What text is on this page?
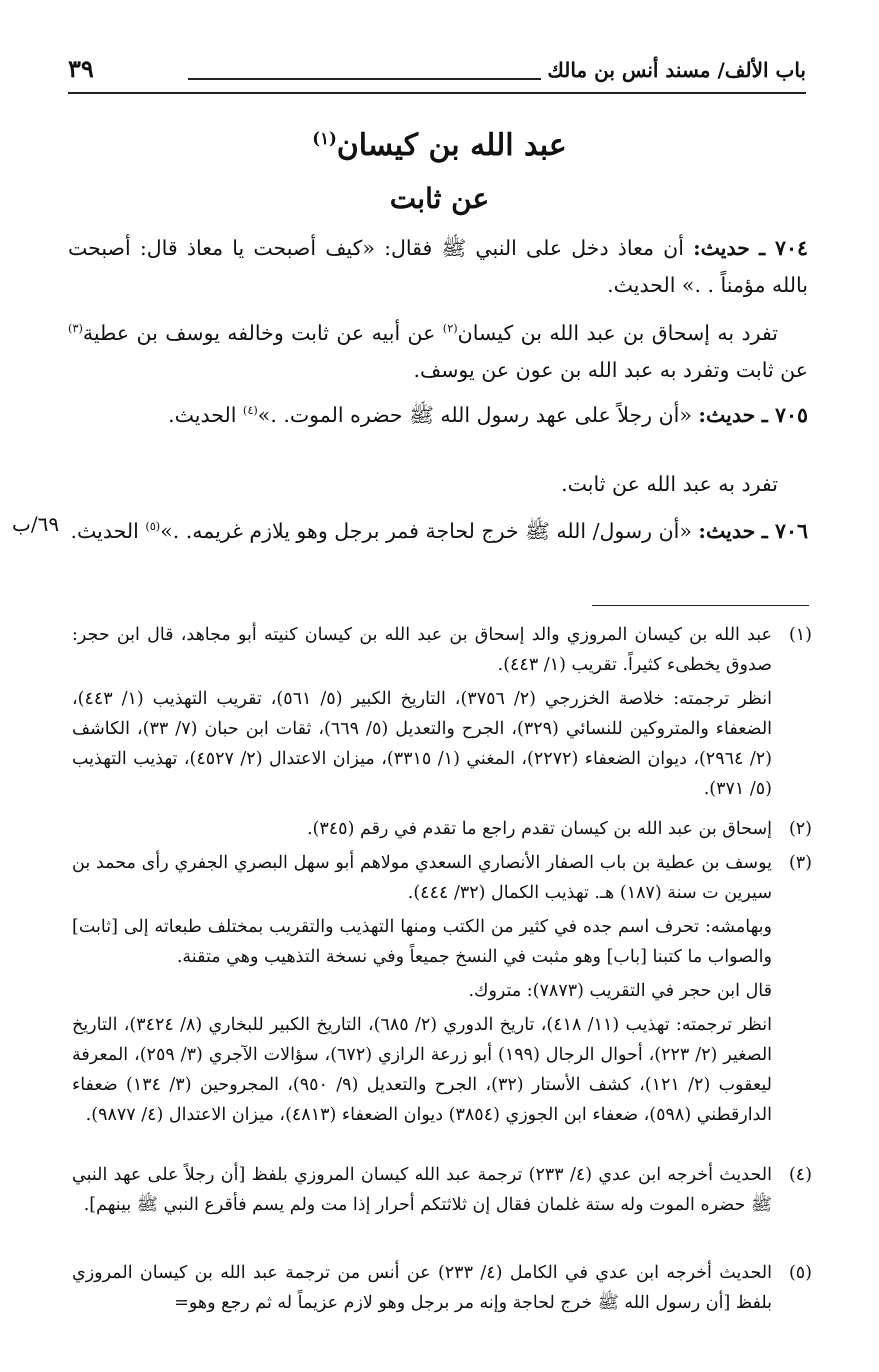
باب الألف/ مسند أنس بن مالك
٣٩
عبد الله بن كيسان$^{(١)}$
عن ثابت

٧٠٤ ـ حديث: أن معاذ دخل على النبي ﷺ فقال: «كيف أصبحت يا معاذ قال: أصبحت بالله مؤمناً . .» الحديث.

تفرد به إسحاق بن عبد الله بن كيسان$^{(٢)}$ عن أبيه عن ثابت وخالفه يوسف بن عطية$^{(٣)}$ عن ثابت وتفرد به عبد الله بن عون عن يوسف.

٧٠٥ ـ حديث: «أن رجلاً على عهد رسول الله ﷺ حضره الموت. .»$^{(٤)}$ الحديث.

تفرد به عبد الله عن ثابت.

٧٠٦ ـ حديث: «أن رسول/ الله ﷺ خرج لحاجة فمر برجل وهو يلازم غريمه. .»$^{(٥)}$ الحديث.

٦٩/ب
(١)

عبد الله بن كيسان المروزي والد إسحاق بن عبد الله بن كيسان كنيته أبو مجاهد، قال ابن حجر: صدوق يخطىء كثيراً. تقريب (١/ ٤٤٣).

انظر ترجمته: خلاصة الخزرجي (٢/ ٣٧٥٦)، التاريخ الكبير (٥/ ٥٦١)، تقريب التهذيب (١/ ٤٤٣)، الضعفاء والمتروكين للنسائي (٣٢٩)، الجرح والتعديل (٥/ ٦٦٩)، ثقات ابن حبان (٧/ ٣٣)، الكاشف (٢/ ٢٩٦٤)، ديوان الضعفاء (٢٢٧٢)، المغني (١/ ٣٣١٥)، ميزان الاعتدال (٢/ ٤٥٢٧)، تهذيب التهذيب (٥/ ٣٧١).

(٢)

إسحاق بن عبد الله بن كيسان تقدم راجع ما تقدم في رقم (٣٤٥).

(٣)

يوسف بن عطية بن باب الصفار الأنصاري السعدي مولاهم أبو سهل البصري الجفري رأى محمد بن سيرين ت سنة (١٨٧) هـ. تهذيب الكمال (٣٢/ ٤٤٤).

وبهامشه: تحرف اسم جده في كثير من الكتب ومنها التهذيب والتقريب بمختلف طبعاته إلى [ثابت] والصواب ما كتبنا [باب] وهو مثبت في النسخ جميعاً وفي نسخة التذهيب وهي متقنة.

قال ابن حجر في التقريب (٧٨٧٣): متروك.

انظر ترجمته: تهذيب (١١/ ٤١٨)، تاريخ الدوري (٢/ ٦٨٥)، التاريخ الكبير للبخاري (٨/ ٣٤٢٤)، التاريخ الصغير (٢/ ٢٢٣)، أحوال الرجال (١٩٩) أبو زرعة الرازي (٦٧٢)، سؤالات الآجري (٣/ ٢٥٩)، المعرفة ليعقوب (٢/ ١٢١)، كشف الأستار (٣٢)، الجرح والتعديل (٩/ ٩٥٠)، المجروحين (٣/ ١٣٤) ضعفاء الدارقطني (٥٩٨)، ضعفاء ابن الجوزي (٣٨٥٤) ديوان الضعفاء (٤٨١٣)، ميزان الاعتدال (٤/ ٩٨٧٧).

(٤)

الحديث أخرجه ابن عدي (٤/ ٢٣٣) ترجمة عبد الله كيسان المروزي بلفظ [أن رجلاً على عهد النبي ﷺ حضره الموت وله ستة غلمان فقال إن ثلاثتكم أحرار إذا مت ولم يسم فأقرع النبي ﷺ بينهم].

(٥)

الحديث أخرجه ابن عدي في الكامل (٤/ ٢٣٣) عن أنس من ترجمة عبد الله بن كيسان المروزي بلفظ [أن رسول الله ﷺ خرج لحاجة وإنه مر برجل وهو لازم عزيماً له ثم رجع وهو=
